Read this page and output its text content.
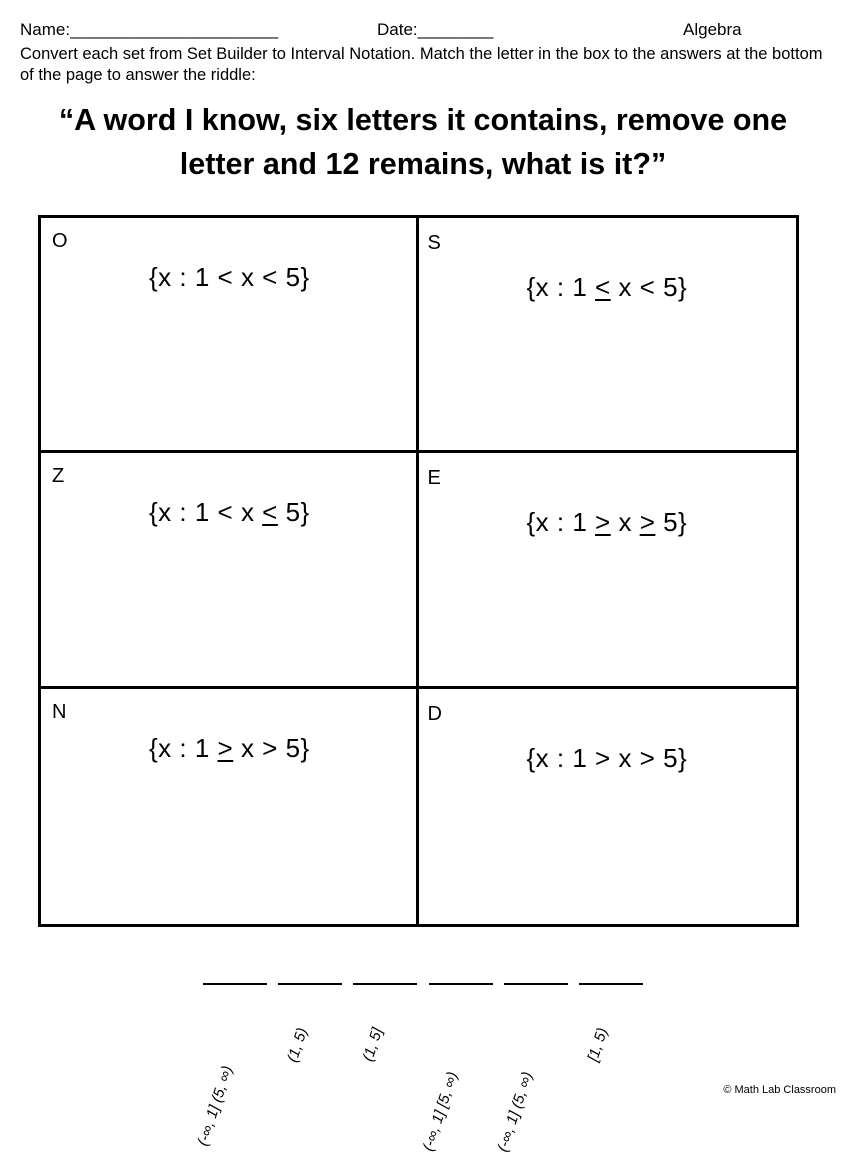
Name:______________________	Date:________	Algebra
Convert each set from Set Builder to Interval Notation. Match the letter in the box to the answers at the bottom of the page to answer the riddle:
“A word I know, six letters it contains, remove one letter and 12 remains, what is it?”
O
{x : 1 < x < 5}
S
{x : 1 < x < 5}
Z
{x : 1 < x < 5}
E
{x : 1 > x > 5}
N
{x : 1 > x > 5}
D
{x : 1 > x > 5}
(-∞, 1] (5, ∞)
(1, 5)	(1, 5]
(-∞, 1] [5, ∞) (-∞, 1] (5, ∞)
[1, 5)
© Math Lab Classroom
